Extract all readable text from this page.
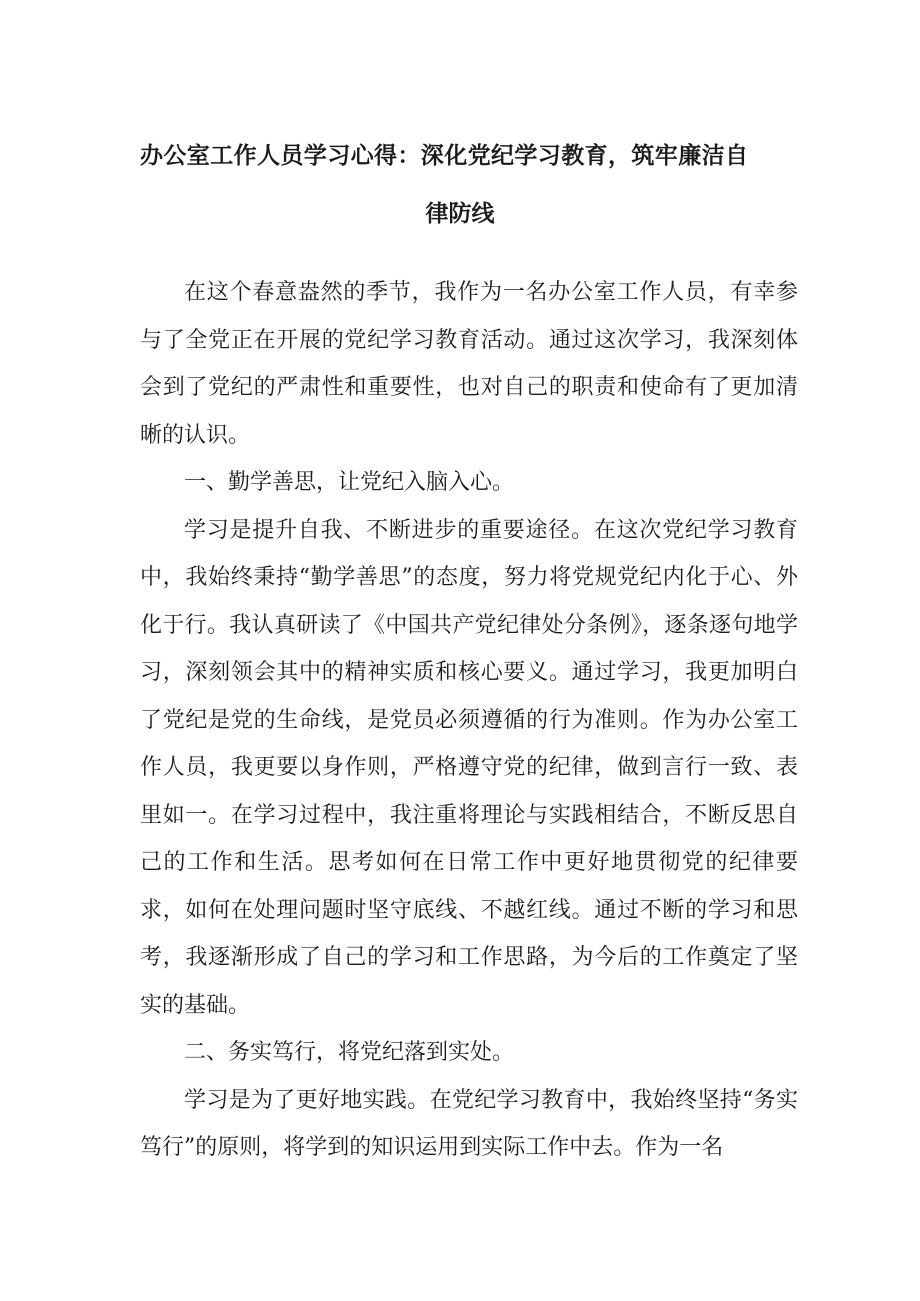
办公室工作人员学习心得：深化党纪学习教育，筑牢廉洁自
律防线

在这个春意盎然的季节，我作为一名办公室工作人员，有幸参与了全党正在开展的党纪学习教育活动。通过这次学习，我深刻体会到了党纪的严肃性和重要性，也对自己的职责和使命有了更加清晰的认识。

一、勤学善思，让党纪入脑入心。

学习是提升自我、不断进步的重要途径。在这次党纪学习教育中，我始终秉持“勤学善思”的态度，努力将党规党纪内化于心、外化于行。我认真研读了《中国共产党纪律处分条例》，逐条逐句地学习，深刻领会其中的精神实质和核心要义。通过学习，我更加明白了党纪是党的生命线，是党员必须遵循的行为准则。作为办公室工作人员，我更要以身作则，严格遵守党的纪律，做到言行一致、表里如一。在学习过程中，我注重将理论与实践相结合，不断反思自己的工作和生活。思考如何在日常工作中更好地贯彻党的纪律要求，如何在处理问题时坚守底线、不越红线。通过不断的学习和思考，我逐渐形成了自己的学习和工作思路，为今后的工作奠定了坚实的基础。

二、务实笃行，将党纪落到实处。

学习是为了更好地实践。在党纪学习教育中，我始终坚持“务实笃行”的原则，将学到的知识运用到实际工作中去。作为一名
